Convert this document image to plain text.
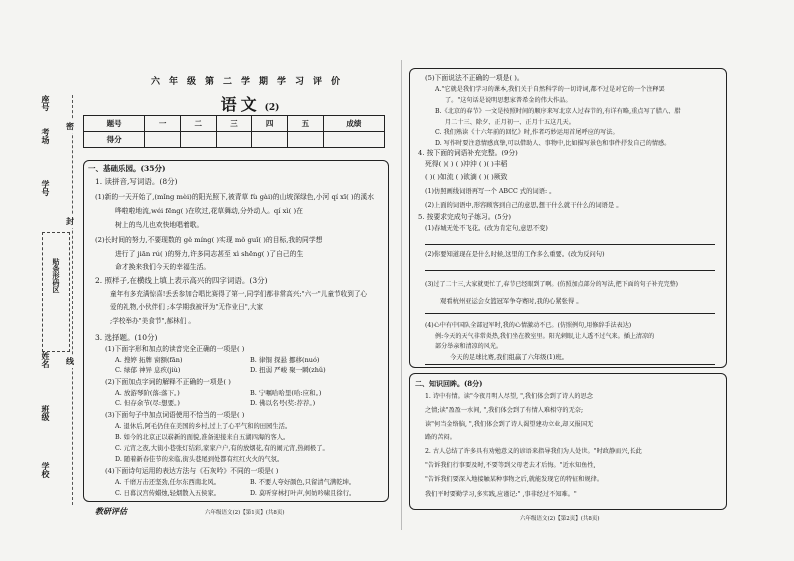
座号
学号
考场
姓名
班级
学校
密
封
线
贴条形码区
六年级第二学期学习评价
语文 (2)
题号	一	二	三	四	五	成绩
得分						
一、基础乐园。(35分)
1. 读拼音,写词语。(8分)
(1)新的一天开始了,(mǐng mèi)的阳光照下,被青草 fù gài)的山坡深绿色,小河 qí xī( )的溪水
哗啦啦地流,wéi fēng( )在吹过,花草舞动,分外动人。qí xì( )在
树上的鸟儿也欢快地唱着歌。
(2)长时间的努力,不要现数的 gě míng( )实现 mǒ guǐ( )的目标,我的同学想
进行了 jiān rú( )的努力,许多同志甚至 xì shēng( )了自己的生
命才换来我们今天的幸福生活。
2. 照样子,在横线上填上表示高兴的四字词语。(3分)
童年有多充满惊喜!丢丢参加合唱比赛得了第一,同学们都非常高兴;"六一"儿童节收到了心
爱的礼物,小伙伴们 ;本学期我被评为"无作业日",大家
;学校举办"美食节",郝林们 。
3. 选择题。(10分)
(1)下面字形和加点的读音完全正确的一项是( )
A. 搜婷 拓牌 窗额(fān)	B. 律铜 探悬 挪移(nuó)
C. 绿郁 神异 息疚(jiù)	D. 扭弱 严峻 聚一瞬(zhǔ)
(2)下面加点字词的解释不正确的一项是( )
A. 放游琴阶(落:落下。)	B. 宁嘱哈哈里(哈:应和。)
C. 但存余节(尽:想要。)	D. 佛以名号(奖:荐荐。)
(3)下面句子中加点词语使用不恰当的一项是( )
A. 退休后,阿毛仍住在美国的乡村,过上了心平气和的田园生活。
B. 如今的北京正以崭新的面貌,准备迎接来自五湖四海的客人。
C. 元宵之夜,大街小巷张灯结彩,家家户户,有的放烟花,有的闹元宵,热闹极了。
D. 随着新春佳节的来临,街头巷尾到处都有红红火火的气氛。
(4)下面诗句运用的表达方法与《石灰吟》不同的一项是( )
A. 千磨万击还坚劲,任尔东西南北风。	B. 不要人夸好颜色,只留清气满乾坤。
C. 日暮汉宫传蜡烛,轻烟散入五侯家。	D. 莫听穿林打叶声,何妨吟啸且徐行。
教研评估	六年级语文(2)【第1页】(共8页)
(5)下面说法不正确的一项是( )。
A."它就是我们学习的课本,我们关于自然科学的一切诗词,都不过是对它的一个注释罢
了。"这句话是说明思想家普希金的伟大作品。
B.《北京的春节》一文是按照时间的顺序来写北京人过春节的,有详有略,重点写了腊八、腊
月二十三、除夕、正月初一、正月十五这几天。
C. 我们熟读《十六年前的回忆》时,作者巧妙运用首尾呼应的写法。
D. 写作时要注意情感真挚,可以借助人、事物中,比如描写景色和事件抒发自己的情感。
4. 按下面的词语补充完整。(9分)
死得( )( ) ( )冲沖 ( )( )丰稻
( )( )如流 ( )欲滴 ( )( )厥致
(1)仿照画线词语再写一个 ABCC 式的词语: 。
(2)上面的词语中,形容顾客到自己的意思,想干什么就干什么的词语是 。
5. 按要求完成句子练习。(5分)
(1)春城无处不飞花。(改为肯定句,意思不变)
(2)你要知道现在是什么时候,这里的工作多么重要。(改为反问句)
(3)过了二十三,大家就更忙了,春节已经眼到了啊。(仿照加点部分的写法,把下面的句子补充完整)
观看杭州亚运会女篮冠军争夺赛时,我的心紧张得 。
(4)心中有中国队全部冠军时,我的心情激动不已。(仿照例句,用修辞手法表达)
例:今天的天气非常炎热,我们坐在教室里。阳光刺眼,让人透不过气来。插上清凉的
部分举亲和清凉的风光。
今天的足球比赛,我们组赢了六年级(1)班。
二、知识回眸。(8分)
1. 诗中有情。读"今夜月明人尽望, ",我们体会到了诗人的思念
之情;读"盈盈一水间, ",我们体会到了有情人难相守的无奈;
读"何当金络脑, ",我们体会到了诗人渴望建功立业,却又报国无
路的苦闷。
2. 古人总结了许多具有劝勉意义的谚语来指导我们为人处世。"时政静而兴,长此
"告诉我们行事要及时,不要等到父母老去才后悔。"近水知鱼性,
"告诉我们要深入地接触某种事物之后,就能发现它的特征和规律。
我们平时要勤学习,多实践,应谨记:" ,事非经过不知难。"
六年级语文(2)【第2页】(共8页)
